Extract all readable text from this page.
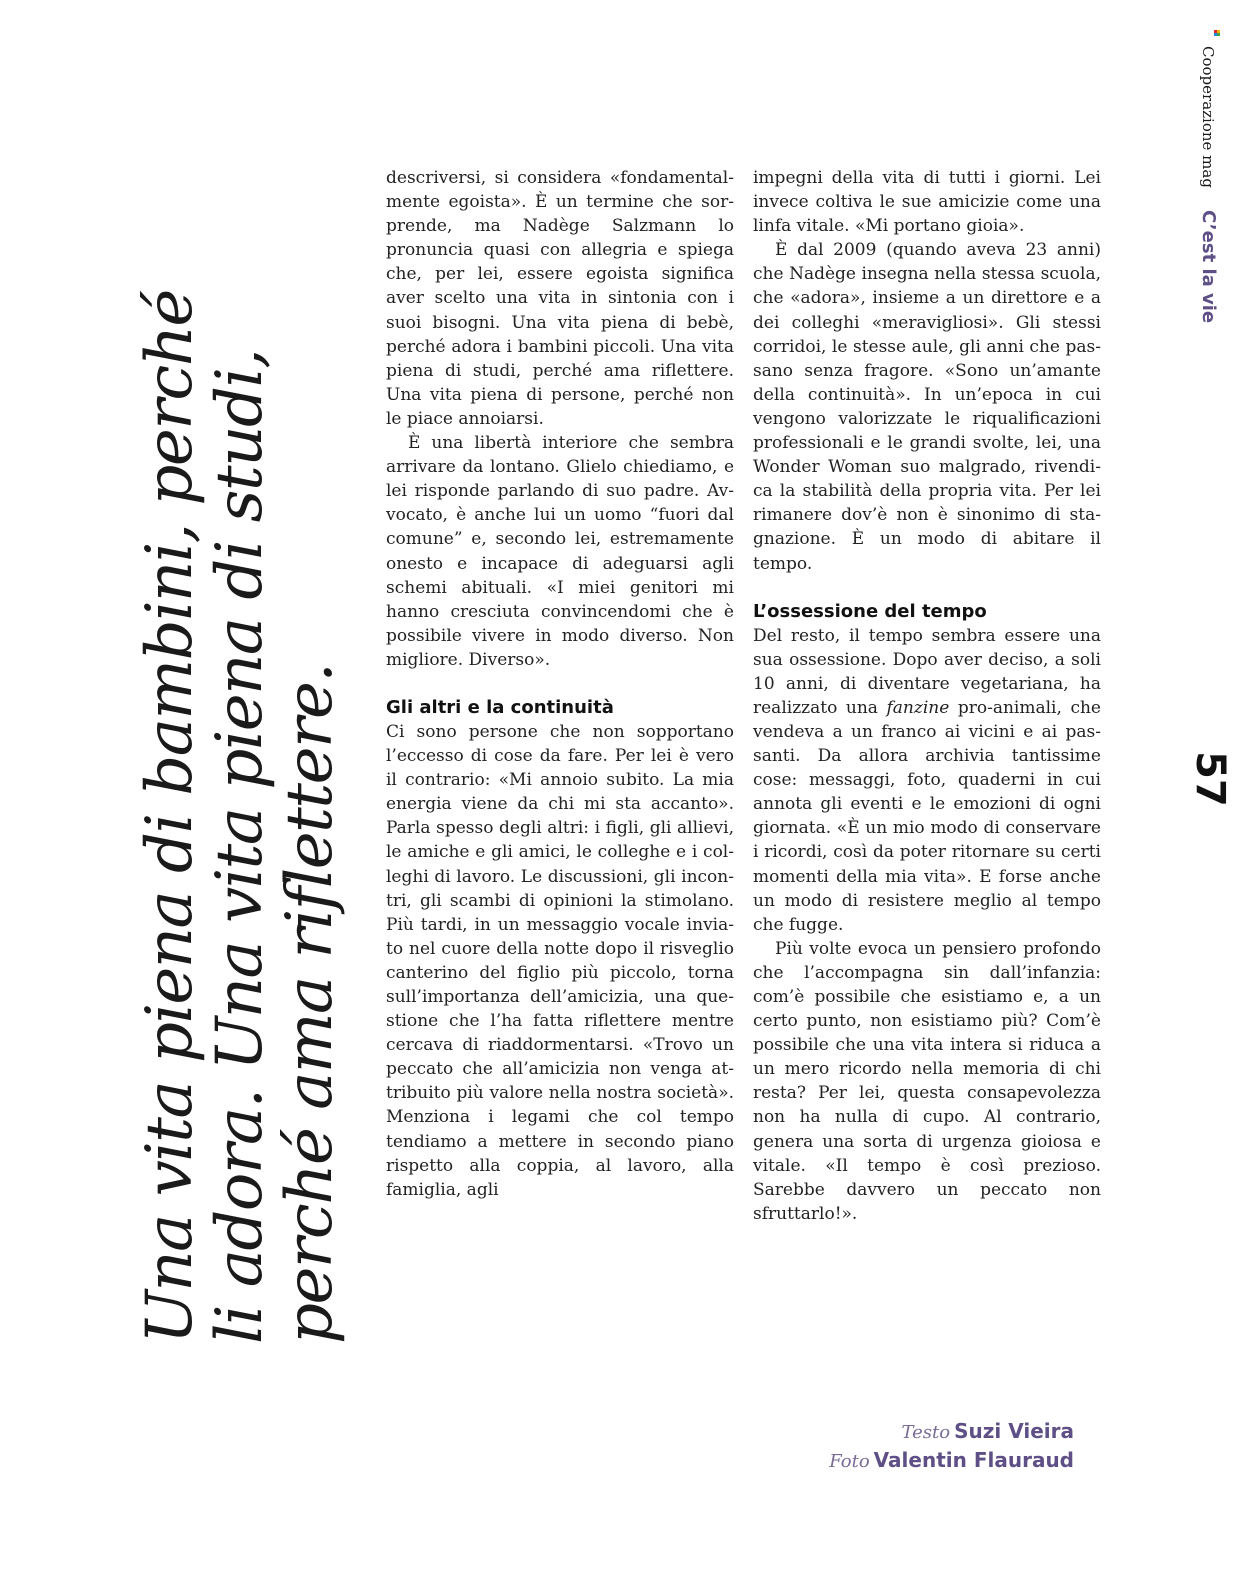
Una vita piena di bambini, perché
li adora. Una vita piena di studi,
perché ama riflettere.

descriversi, si considera «fondamentalmente egoista». È un termine che sorprende, ma Nadège Salzmann lo pronuncia quasi con allegria e spiega che, per lei, essere egoista significa aver scelto una vita in sintonia con i suoi bisogni. Una vita piena di bebè, perché adora i bambini piccoli. Una vita piena di studi, perché ama riflettere. Una vita piena di persone, perché non le piace annoiarsi.

È una libertà interiore che sembra arrivare da lontano. Glielo chiediamo, e lei risponde parlando di suo padre. Avvocato, è anche lui un uomo “fuori dal comune” e, secondo lei, estremamente onesto e incapace di adeguarsi agli schemi abituali. «I miei genitori mi hanno cresciuta convincendomi che è possibile vivere in modo diverso. Non migliore. Diverso».

Gli altri e la continuità

Ci sono persone che non sopportano l’eccesso di cose da fare. Per lei è vero il contrario: «Mi annoio subito. La mia energia viene da chi mi sta accanto». Parla spesso degli altri: i figli, gli allievi, le amiche e gli amici, le colleghe e i colleghi di lavoro. Le discussioni, gli incontri, gli scambi di opinioni la stimolano. Più tardi, in un messaggio vocale inviato nel cuore della notte dopo il risveglio canterino del figlio più piccolo, torna sull’importanza dell’amicizia, una questione che l’ha fatta riflettere mentre cercava di riaddormentarsi. «Trovo un peccato che all’amicizia non venga attribuito più valore nella nostra società». Menziona i legami che col tempo tendiamo a mettere in secondo piano rispetto alla coppia, al lavoro, alla famiglia, agli

impegni della vita di tutti i giorni. Lei invece coltiva le sue amicizie come una linfa vitale. «Mi portano gioia».

È dal 2009 (quando aveva 23 anni) che Nadège insegna nella stessa scuola, che «adora», insieme a un direttore e a dei colleghi «meravigliosi». Gli stessi corridoi, le stesse aule, gli anni che passano senza fragore. «Sono un’amante della continuità». In un’epoca in cui vengono valorizzate le riqualificazioni professionali e le grandi svolte, lei, una Wonder Woman suo malgrado, rivendica la stabilità della propria vita. Per lei rimanere dov’è non è sinonimo di stagnazione. È un modo di abitare il tempo.

L’ossessione del tempo

Del resto, il tempo sembra essere una sua ossessione. Dopo aver deciso, a soli 10 anni, di diventare vegetariana, ha realizzato una fanzine pro-animali, che vendeva a un franco ai vicini e ai passanti. Da allora archivia tantissime cose: messaggi, foto, quaderni in cui annota gli eventi e le emozioni di ogni giornata. «È un mio modo di conservare i ricordi, così da poter ritornare su certi momenti della mia vita». E forse anche un modo di resistere meglio al tempo che fugge.

Più volte evoca un pensiero profondo che l’accompagna sin dall’infanzia: com’è possibile che esistiamo e, a un certo punto, non esistiamo più? Com’è possibile che una vita intera si riduca a un mero ricordo nella memoria di chi resta? Per lei, questa consapevolezza non ha nulla di cupo. Al contrario, genera una sorta di urgenza gioiosa e vitale. «Il tempo è così prezioso. Sarebbe davvero un peccato non sfruttarlo!».

Testo Suzi Vieira
Foto Valentin Flauraud
Cooperazione magC’est la vie
57
